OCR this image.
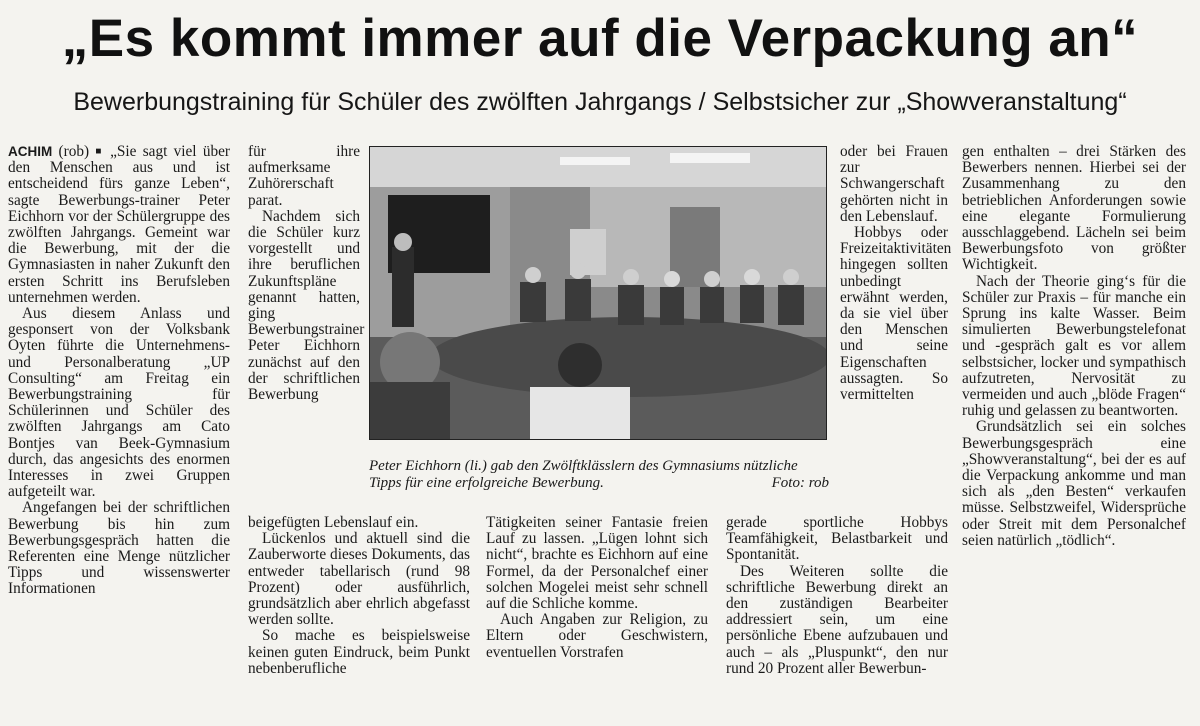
„Es kommt immer auf die Verpackung an“
Bewerbungstraining für Schüler des zwölften Jahrgangs / Selbstsicher zur „Showveranstaltung“

ACHIM (rob) ■ „Sie sagt viel über den Menschen aus und ist entscheidend fürs ganze Leben“, sagte Bewerbungs-trainer Peter Eichhorn vor der Schülergruppe des zwölften Jahrgangs. Gemeint war die Bewerbung, mit der die Gymnasiasten in naher Zukunft den ersten Schritt ins Berufsleben unternehmen werden.

Aus diesem Anlass und gesponsert von der Volksbank Oyten führte die Unternehmens- und Personalberatung „UP Consulting“ am Freitag ein Bewerbungstraining für Schülerinnen und Schüler des zwölften Jahrgangs am Cato Bontjes van Beek-Gymnasium durch, das angesichts des enormen Interesses in zwei Gruppen aufgeteilt war.

Angefangen bei der schriftlichen Bewerbung bis hin zum Bewerbungsgespräch hatten die Referenten eine Menge nützlicher Tipps und wissenswerter Informationen

für ihre aufmerksame Zuhörerschaft parat.

Nachdem sich die Schüler kurz vorgestellt und ihre beruflichen Zukunftspläne genannt hatten, ging Bewerbungstrainer Peter Eichhorn zunächst auf den der schriftlichen Bewerbung

Peter Eichhorn (li.) gab den Zwölftklässlern des Gymnasiums nützliche Tipps für eine erfolgreiche Bewerbung.	Foto: rob

oder bei Frauen zur Schwangerschaft gehörten nicht in den Lebenslauf.

Hobbys oder Freizeitaktivitäten hingegen sollten unbedingt erwähnt werden, da sie viel über den Menschen und seine Eigenschaften aussagten. So vermittelten

gen enthalten – drei Stärken des Bewerbers nennen. Hierbei sei der Zusammenhang zu den betrieblichen Anforderungen sowie eine elegante Formulierung ausschlaggebend. Lächeln sei beim Bewerbungsfoto von größter Wichtigkeit.

Nach der Theorie ging‘s für die Schüler zur Praxis – für manche ein Sprung ins kalte Wasser. Beim simulierten Bewerbungstelefonat und -gespräch galt es vor allem selbstsicher, locker und sympathisch aufzutreten, Nervosität zu vermeiden und auch „blöde Fragen“ ruhig und gelassen zu beantworten.

Grundsätzlich sei ein solches Bewerbungsgespräch eine „Showveranstaltung“, bei der es auf die Verpackung ankomme und man sich als „den Besten“ verkaufen müsse. Selbstzweifel, Widersprüche oder Streit mit dem Personalchef seien natürlich „tödlich“.

beigefügten Lebenslauf ein.

Lückenlos und aktuell sind die Zauberworte dieses Dokuments, das entweder tabellarisch (rund 98 Prozent) oder ausführlich, grundsätzlich aber ehrlich abgefasst werden sollte.

So mache es beispielsweise keinen guten Eindruck, beim Punkt nebenberufliche

Tätigkeiten seiner Fantasie freien Lauf zu lassen. „Lügen lohnt sich nicht“, brachte es Eichhorn auf eine Formel, da der Personalchef einer solchen Mogelei meist sehr schnell auf die Schliche komme.

Auch Angaben zur Religion, zu Eltern oder Geschwistern, eventuellen Vorstrafen

gerade sportliche Hobbys Teamfähigkeit, Belastbarkeit und Spontanität.

Des Weiteren sollte die schriftliche Bewerbung direkt an den zuständigen Bearbeiter addressiert sein, um eine persönliche Ebene aufzubauen und auch – als „Pluspunkt“, den nur rund 20 Prozent aller Bewerbun-
